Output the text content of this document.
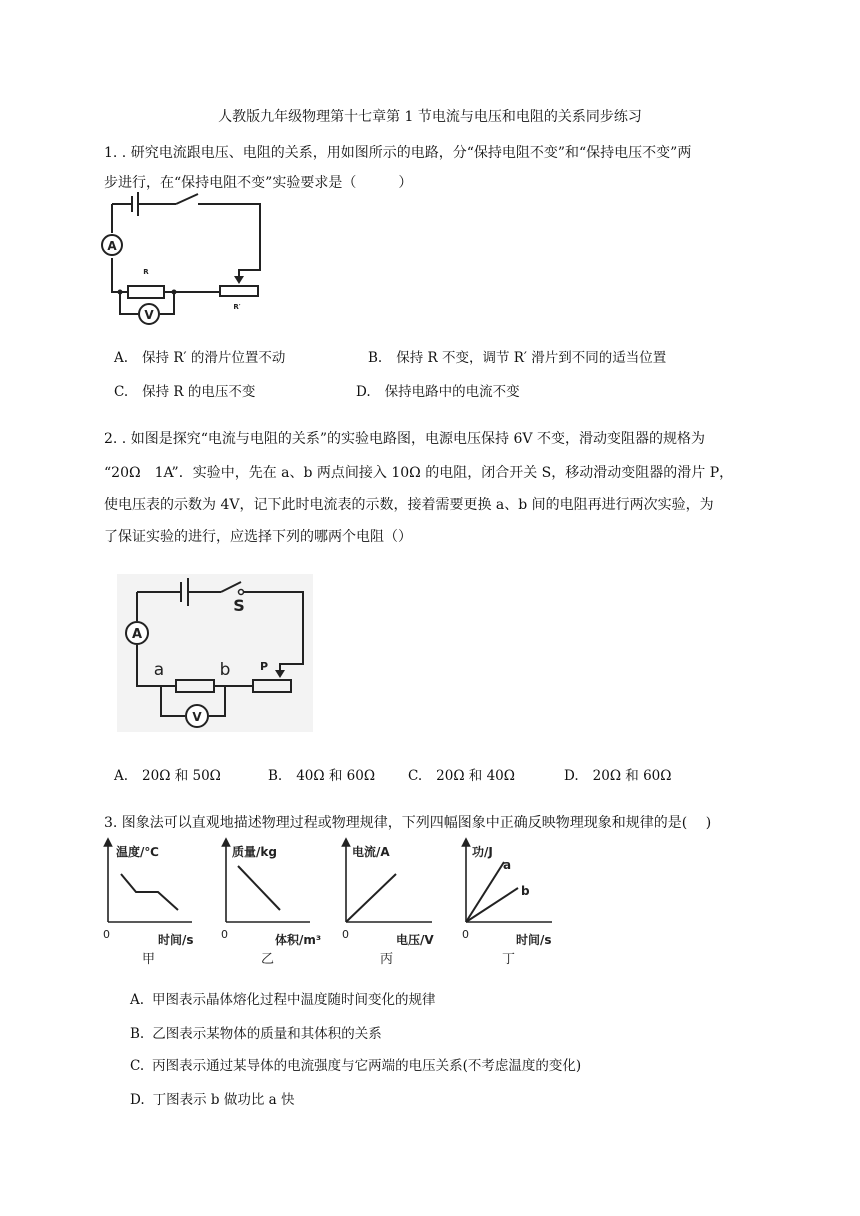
人教版九年级物理第十七章第 1 节电流与电压和电阻的关系同步练习
1. . 研究电流跟电压、电阻的关系，用如图所示的电路，分“保持电阻不变”和“保持电压不变”两
步进行，在“保持电阻不变”实验要求是（　　　）
A
V
R
R′
A. 保持 R′ 的滑片位置不动	B. 保持 R 不变，调节 R′ 滑片到不同的适当位置
C. 保持 R 的电压不变	D. 保持电路中的电流不变
2. . 如图是探究“电流与电阻的关系”的实验电路图，电源电压保持 6V 不变，滑动变阻器的规格为
“20Ω　1A”．实验中，先在 a、b 两点间接入 10Ω 的电阻，闭合开关 S，移动滑动变阻器的滑片 P，
使电压表的示数为 4V，记下此时电流表的示数，接着需要更换 a、b 间的电阻再进行两次实验，为
了保证实验的进行，应选择下列的哪两个电阻（）
A
V
S
a	b	P
A. 20Ω 和 50Ω	B. 40Ω 和 60Ω C. 20Ω 和 40Ω	D. 20Ω 和 60Ω
3. 图象法可以直观地描述物理过程或物理规律，下列四幅图象中正确反映物理现象和规律的是(　 )
温度/℃
0	时间/s
甲
质量/kg
0	体积/m³
乙
电流/A
0	电压/V
丙
功/J
a
b
0	时间/s
丁
A. 甲图表示晶体熔化过程中温度随时间变化的规律
B. 乙图表示某物体的质量和其体积的关系
C. 丙图表示通过某导体的电流强度与它两端的电压关系(不考虑温度的变化)
D. 丁图表示 b 做功比 a 快
